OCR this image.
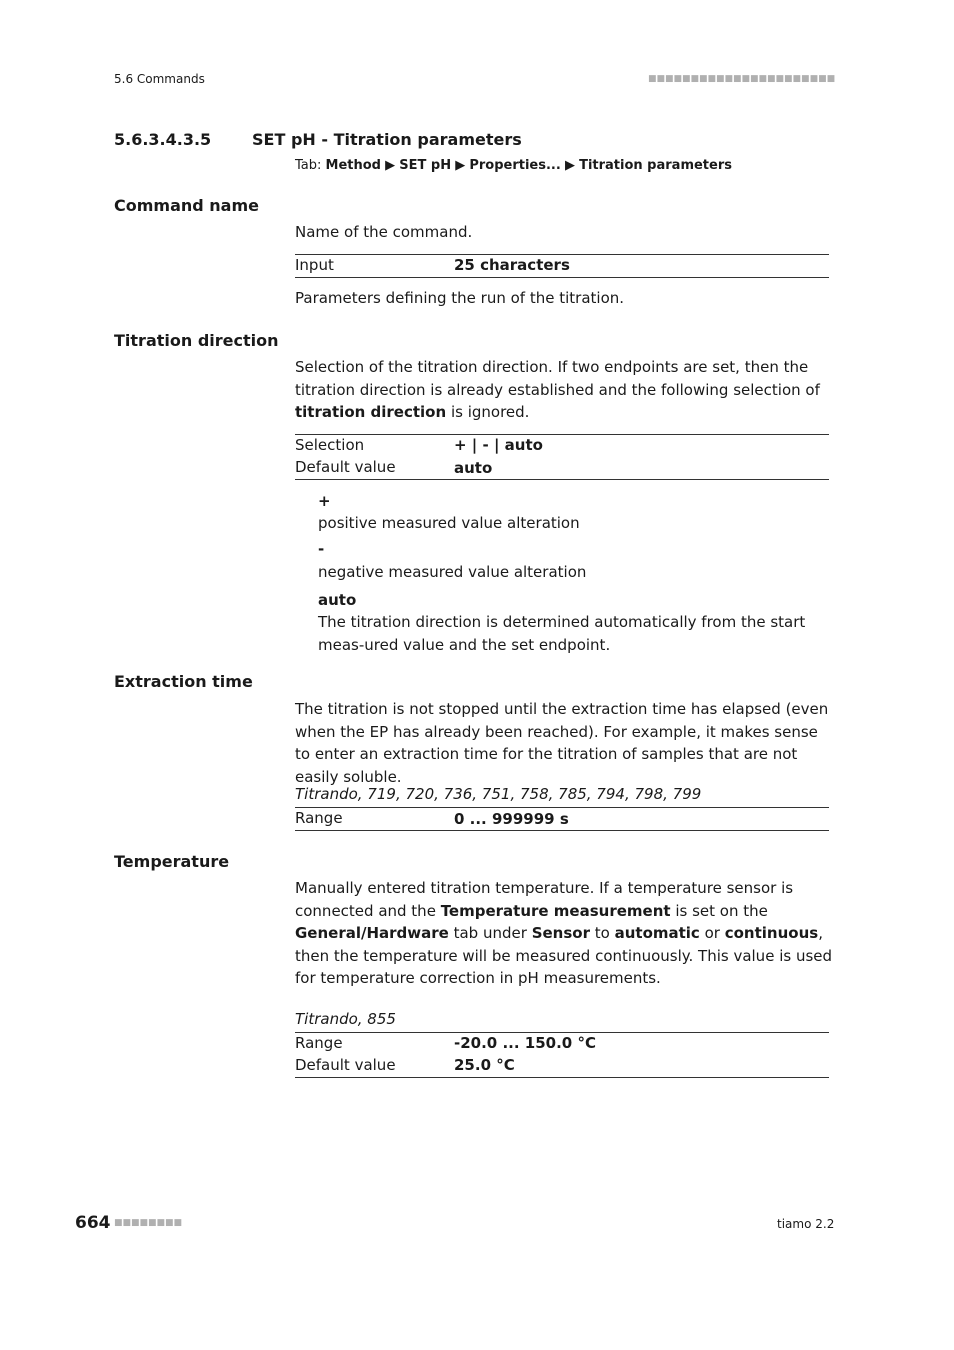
5.6 Commands	■■■■■■■■■■■■■■■■■■■■■■
5.6.3.4.3.5	SET pH - Titration parameters
Tab: Method ▶ SET pH ▶ Properties... ▶ Titration parameters
Command name
Name of the command.
Input	25 characters
Parameters defining the run of the titration.
Titration direction
Selection of the titration direction. If two endpoints are set, then the titration direction is already established and the following selection of titration direction is ignored.
Selection	+ | - | auto
Default value	auto
+
positive measured value alteration
-
negative measured value alteration
auto
The titration direction is determined automatically from the start meas-ured value and the set endpoint.
Extraction time
The titration is not stopped until the extraction time has elapsed (even when the EP has already been reached). For example, it makes sense to enter an extraction time for the titration of samples that are not easily soluble.
Titrando, 719, 720, 736, 751, 758, 785, 794, 798, 799
Range	0 ... 999999 s
Temperature
Manually entered titration temperature. If a temperature sensor is connected and the Temperature measurement is set on the General/Hardware tab under Sensor to automatic or continuous, then the temperature will be measured continuously. This value is used for temperature correction in pH measurements.
Titrando, 855
Range	-20.0 ... 150.0 °C
Default value	25.0 °C
664 ■■■■■■■■	tiamo 2.2
